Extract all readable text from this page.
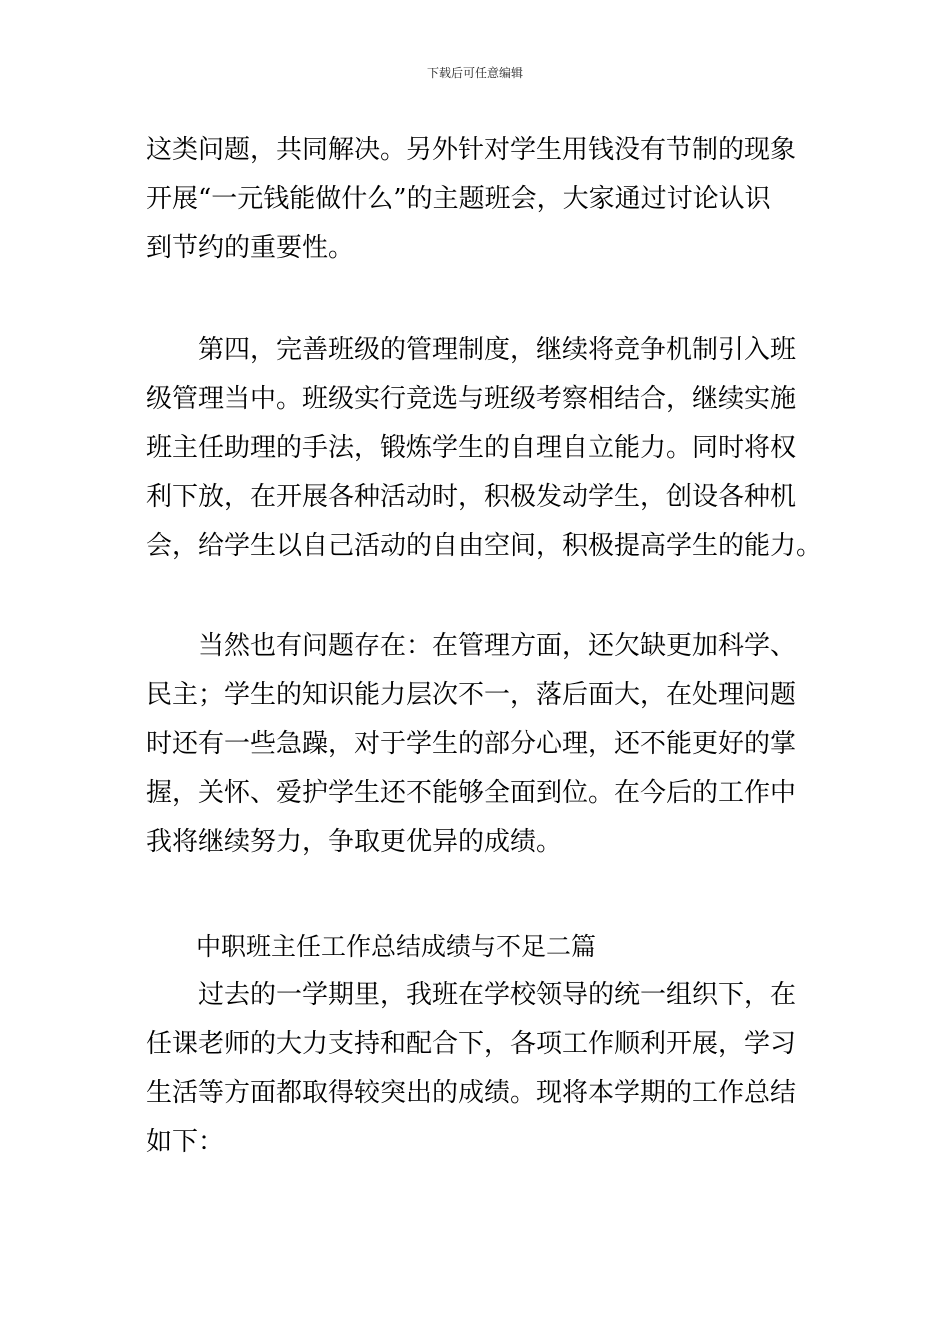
下载后可任意编辑
这类问题，共同解决。另外针对学生用钱没有节制的现象
开展“一元钱能做什么”的主题班会，大家通过讨论认识
到节约的重要性。
　　第四，完善班级的管理制度，继续将竞争机制引入班
级管理当中。班级实行竞选与班级考察相结合，继续实施
班主任助理的手法，锻炼学生的自理自立能力。同时将权
利下放，在开展各种活动时，积极发动学生，创设各种机
会，给学生以自己活动的自由空间，积极提高学生的能力。
　　当然也有问题存在：在管理方面，还欠缺更加科学、
民主；学生的知识能力层次不一，落后面大，在处理问题
时还有一些急躁，对于学生的部分心理，还不能更好的掌
握，关怀、爱护学生还不能够全面到位。在今后的工作中
我将继续努力，争取更优异的成绩。
中职班主任工作总结成绩与不足二篇
　　过去的一学期里，我班在学校领导的统一组织下，在
任课老师的大力支持和配合下，各项工作顺利开展，学习
生活等方面都取得较突出的成绩。现将本学期的工作总结
如下：
